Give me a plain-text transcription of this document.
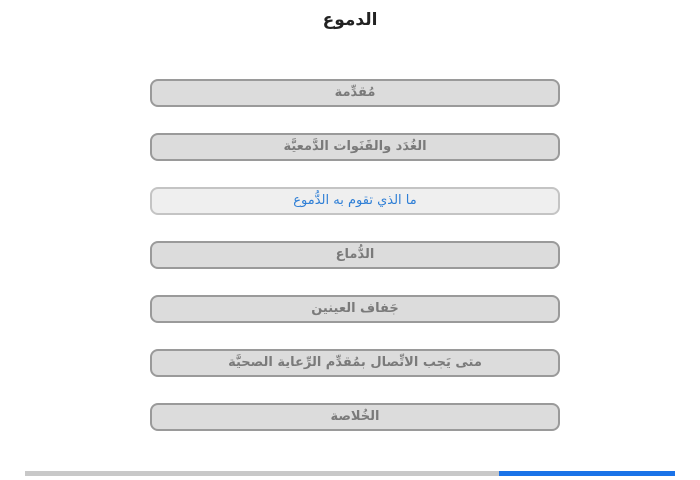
الدموع
مُقدِّمة
الغُدَد والقَنَوات الدَّمعيَّة
ما الذي تقوم به الدُّموع
الدُّماع
جَفاف العينين
متى يَجب الاتِّصال بمُقدِّم الرِّعاية الصحيَّة
الخُلاصة
